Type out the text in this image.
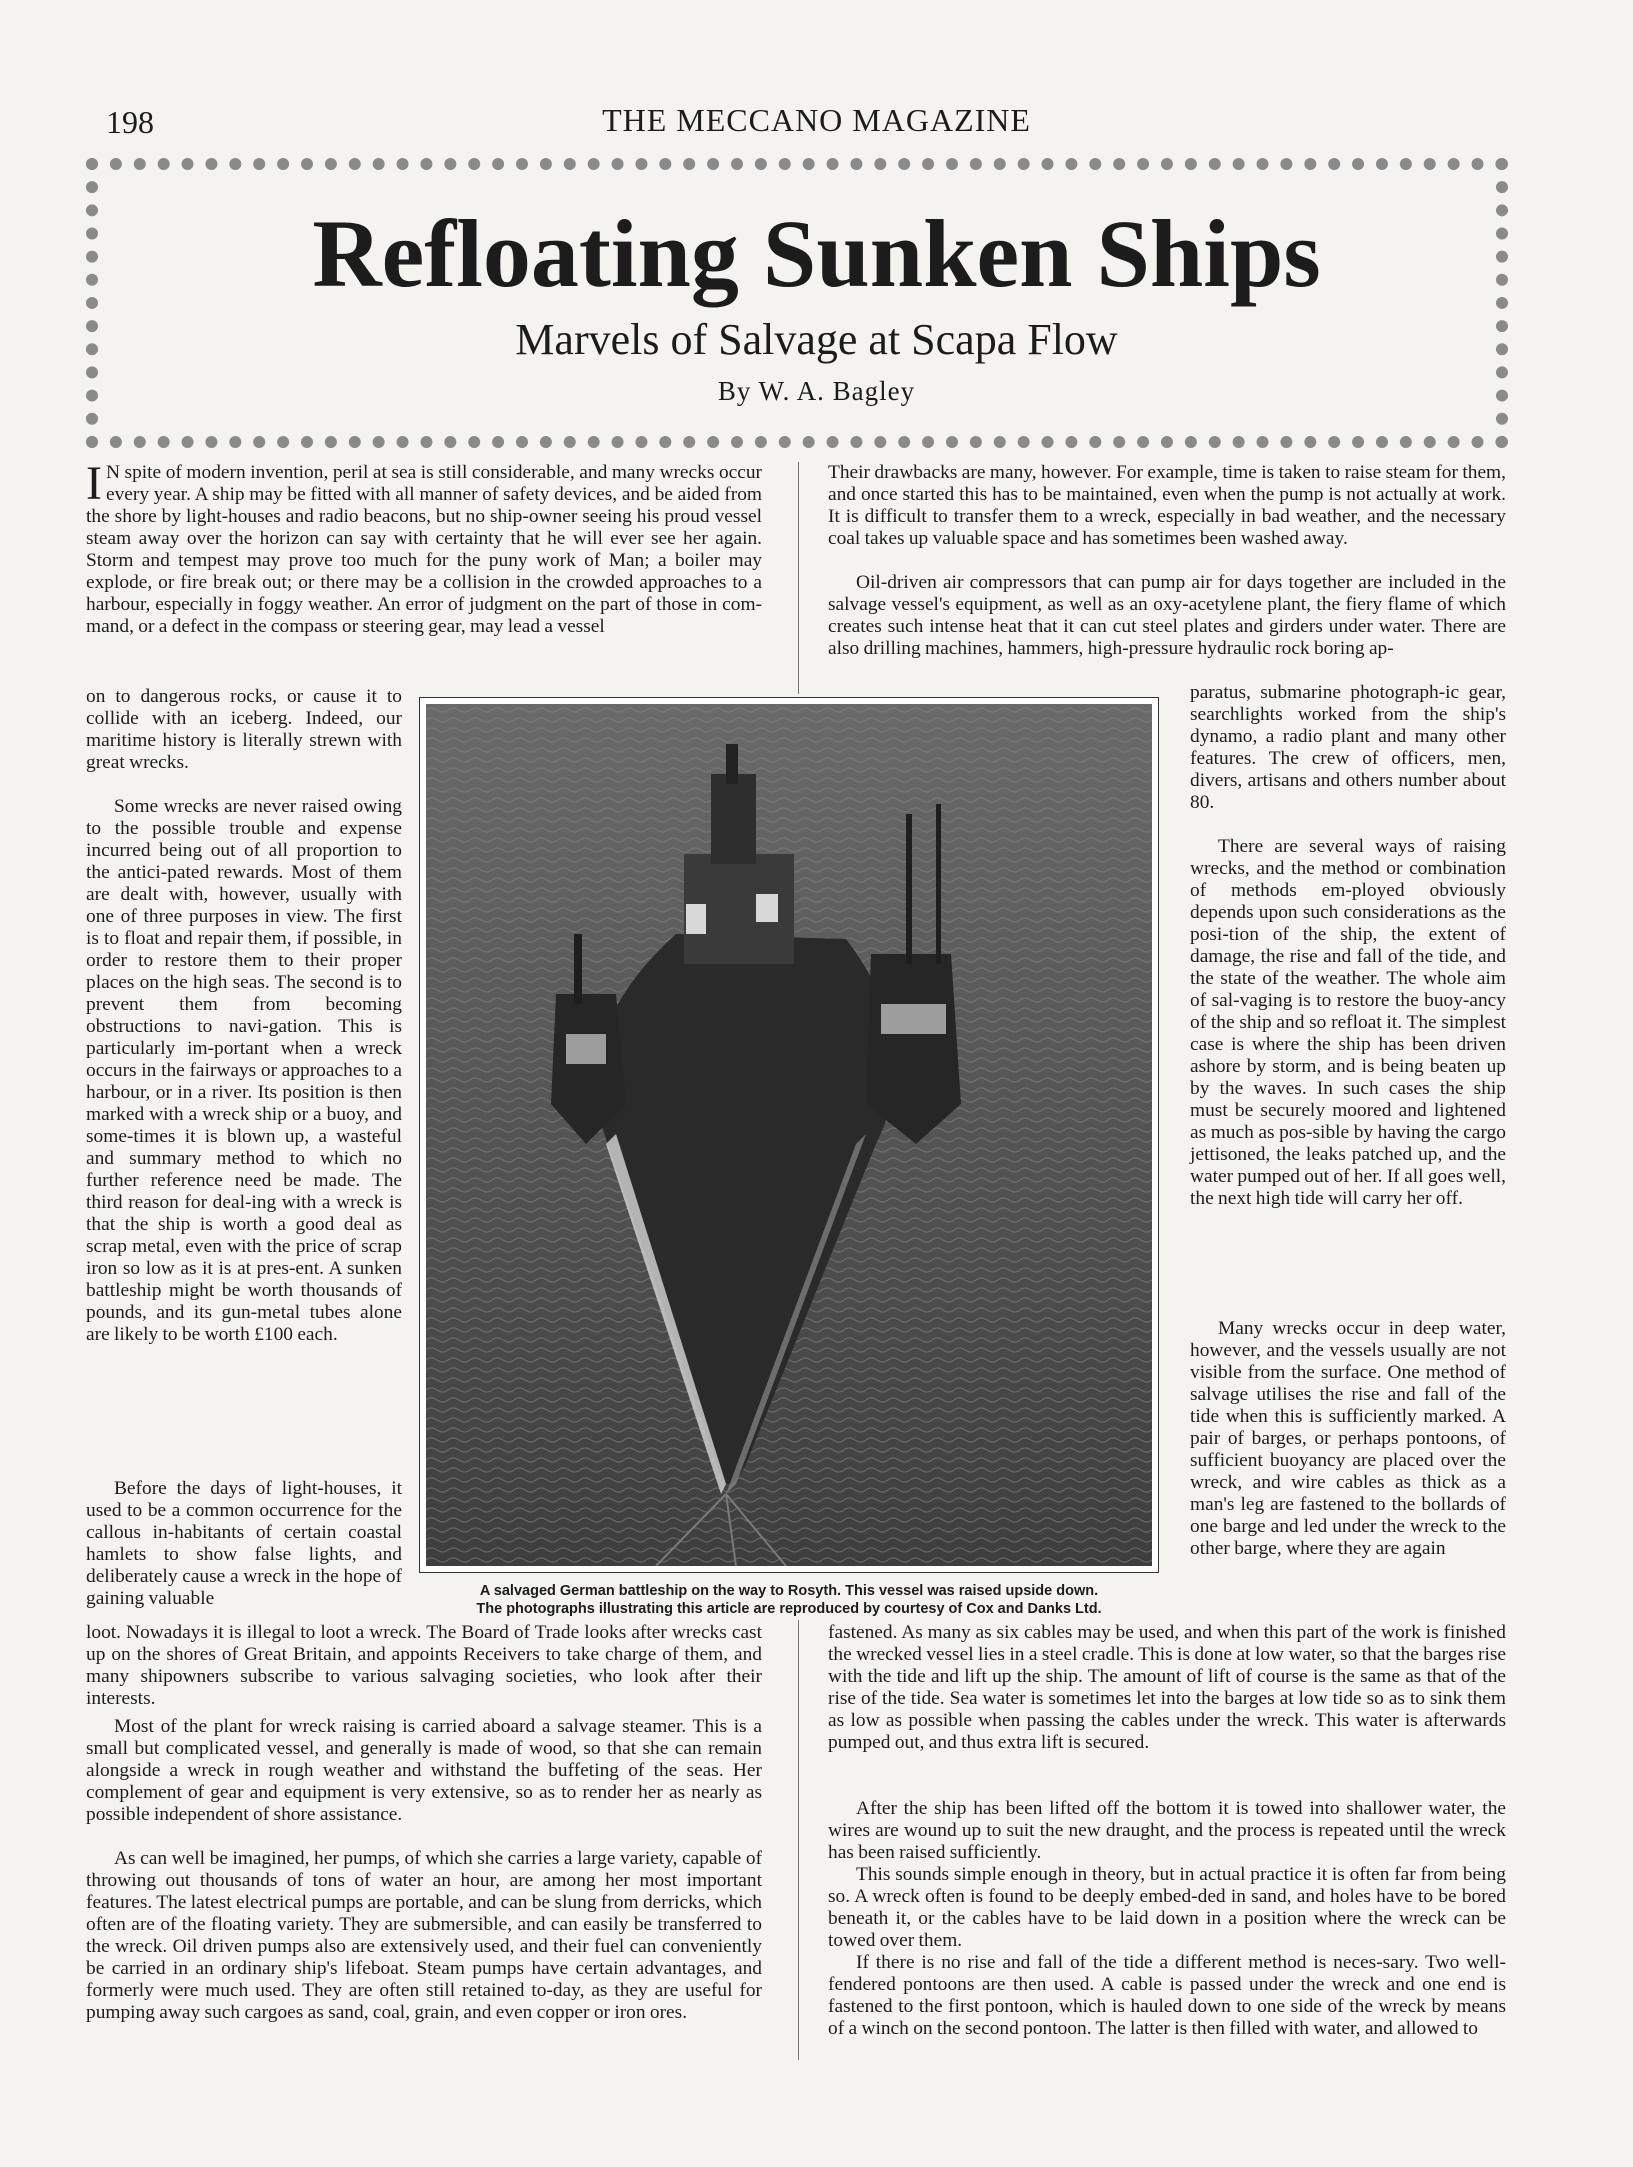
198	THE MECCANO MAGAZINE
Refloating Sunken Ships
Marvels of Salvage at Scapa Flow
By W. A. Bagley

I N spite of modern invention, peril at sea is still considerable, and many wrecks occur every year. A ship may be fitted with all manner of safety devices, and be aided from the shore by light-houses and radio beacons, but no ship-owner seeing his proud vessel steam away over the horizon can say with certainty that he will ever see her again. Storm and tempest may prove too much for the puny work of Man; a boiler may explode, or fire break out; or there may be a collision in the crowded approaches to a harbour, especially in foggy weather. An error of judgment on the part of those in com-mand, or a defect in the compass or steering gear, may lead a vessel

on to dangerous rocks, or cause it to collide with an iceberg. Indeed, our maritime history is literally strewn with great wrecks.

Some wrecks are never raised owing to the possible trouble and expense incurred being out of all proportion to the antici-pated rewards. Most of them are dealt with, however, usually with one of three purposes in view. The first is to float and repair them, if possible, in order to restore them to their proper places on the high seas. The second is to prevent them from becoming obstructions to navi-gation. This is particularly im-portant when a wreck occurs in the fairways or approaches to a harbour, or in a river. Its position is then marked with a wreck ship or a buoy, and some-times it is blown up, a wasteful and summary method to which no further reference need be made. The third reason for deal-ing with a wreck is that the ship is worth a good deal as scrap metal, even with the price of scrap iron so low as it is at pres-ent. A sunken battleship might be worth thousands of pounds, and its gun-metal tubes alone are likely to be worth £100 each.

Before the days of light-houses, it used to be a common occurrence for the callous in-habitants of certain coastal hamlets to show false lights, and deliberately cause a wreck in the hope of gaining valuable

loot. Nowadays it is illegal to loot a wreck. The Board of Trade looks after wrecks cast up on the shores of Great Britain, and appoints Receivers to take charge of them, and many shipowners subscribe to various salvaging societies, who look after their interests.

Most of the plant for wreck raising is carried aboard a salvage steamer. This is a small but complicated vessel, and generally is made of wood, so that she can remain alongside a wreck in rough weather and withstand the buffeting of the seas. Her complement of gear and equipment is very extensive, so as to render her as nearly as possible independent of shore assistance.

As can well be imagined, her pumps, of which she carries a large variety, capable of throwing out thousands of tons of water an hour, are among her most important features. The latest electrical pumps are portable, and can be slung from derricks, which often are of the floating variety. They are submersible, and can easily be transferred to the wreck. Oil driven pumps also are extensively used, and their fuel can conveniently be carried in an ordinary ship's lifeboat. Steam pumps have certain advantages, and formerly were much used. They are often still retained to-day, as they are useful for pumping away such cargoes as sand, coal, grain, and even copper or iron ores.

Their drawbacks are many, however. For example, time is taken to raise steam for them, and once started this has to be maintained, even when the pump is not actually at work. It is difficult to transfer them to a wreck, especially in bad weather, and the necessary coal takes up valuable space and has sometimes been washed away.

Oil-driven air compressors that can pump air for days together are included in the salvage vessel's equipment, as well as an oxy-acetylene plant, the fiery flame of which creates such intense heat that it can cut steel plates and girders under water. There are also drilling machines, hammers, high-pressure hydraulic rock boring ap-

paratus, submarine photograph-ic gear, searchlights worked from the ship's dynamo, a radio plant and many other features. The crew of officers, men, divers, artisans and others number about 80.

There are several ways of raising wrecks, and the method or combination of methods em-ployed obviously depends upon such considerations as the posi-tion of the ship, the extent of damage, the rise and fall of the tide, and the state of the weather. The whole aim of sal-vaging is to restore the buoy-ancy of the ship and so refloat it. The simplest case is where the ship has been driven ashore by storm, and is being beaten up by the waves. In such cases the ship must be securely moored and lightened as much as pos-sible by having the cargo jettisoned, the leaks patched up, and the water pumped out of her. If all goes well, the next high tide will carry her off.

Many wrecks occur in deep water, however, and the vessels usually are not visible from the surface. One method of salvage utilises the rise and fall of the tide when this is sufficiently marked. A pair of barges, or perhaps pontoons, of sufficient buoyancy are placed over the wreck, and wire cables as thick as a man's leg are fastened to the bollards of one barge and led under the wreck to the other barge, where they are again

fastened. As many as six cables may be used, and when this part of the work is finished the wrecked vessel lies in a steel cradle. This is done at low water, so that the barges rise with the tide and lift up the ship. The amount of lift of course is the same as that of the rise of the tide. Sea water is sometimes let into the barges at low tide so as to sink them as low as possible when passing the cables under the wreck. This water is afterwards pumped out, and thus extra lift is secured.

After the ship has been lifted off the bottom it is towed into shallower water, the wires are wound up to suit the new draught, and the process is repeated until the wreck has been raised sufficiently.

This sounds simple enough in theory, but in actual practice it is often far from being so. A wreck often is found to be deeply embed-ded in sand, and holes have to be bored beneath it, or the cables have to be laid down in a position where the wreck can be towed over them.

If there is no rise and fall of the tide a different method is neces-sary. Two well-fendered pontoons are then used. A cable is passed under the wreck and one end is fastened to the first pontoon, which is hauled down to one side of the wreck by means of a winch on the second pontoon. The latter is then filled with water, and allowed to

A salvaged German battleship on the way to Rosyth. This vessel was raised upside down.
The photographs illustrating this article are reproduced by courtesy of Cox and Danks Ltd.
